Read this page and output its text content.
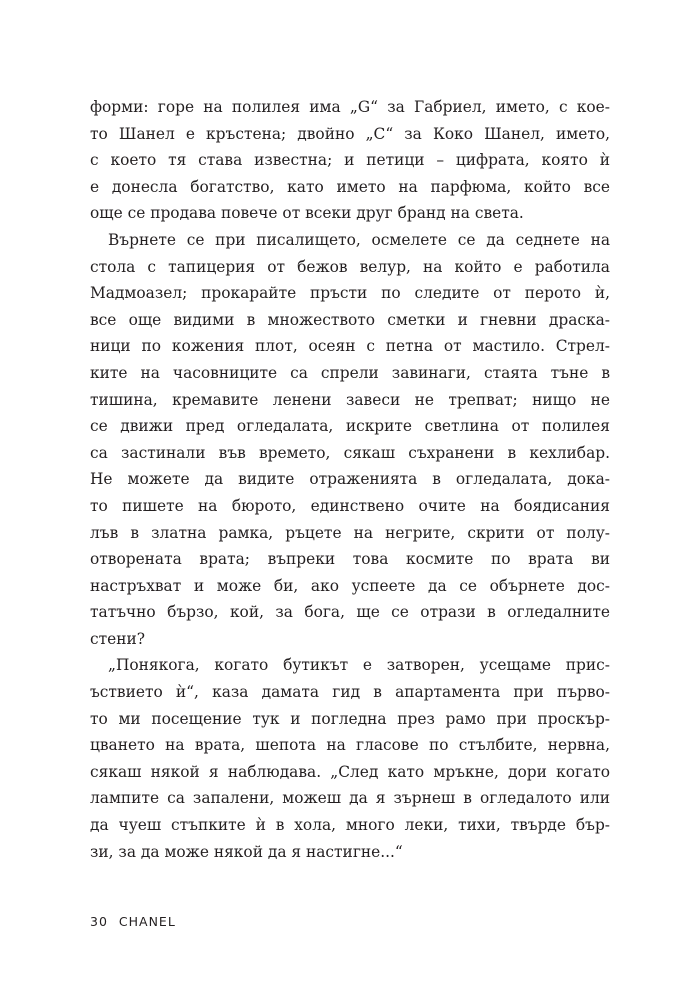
форми: горе на полилея има „G“ за Габриел, името, с кое-
то Шанел е кръстена; двойно „С“ за Коко Шанел, името,
с което тя става известна; и петици – цифрата, която ѝ
е донесла богатство, като името на парфюма, който все
още се продава повече от всеки друг бранд на света.
Върнете се при писалището, осмелете се да седнете на
стола с тапицерия от бежов велур, на който е работила
Мадмоазел; прокарайте пръсти по следите от перото ѝ,
все още видими в множеството сметки и гневни драска-
ници по кожения плот, осеян с петна от мастило. Стрел-
ките на часовниците са спрели завинаги, стаята тъне в
тишина, кремавите ленени завеси не трепват; нищо не
се движи пред огледалата, искрите светлина от полилея
са застинали във времето, сякаш съхранени в кехлибар.
Не можете да видите отраженията в огледалата, дока-
то пишете на бюрото, единствено очите на боядисания
лъв в златна рамка, ръцете на негрите, скрити от полу-
отворената врата; въпреки това космите по врата ви
настръхват и може би, ако успеете да се обърнете дос-
татъчно бързо, кой, за бога, ще се отрази в огледалните
стени?
„Понякога, когато бутикът е затворен, усещаме прис-
ъствието ѝ“, каза дамата гид в апартамента при първо-
то ми посещение тук и погледна през рамо при проскър-
цването на врата, шепота на гласове по стълбите, нервна,
сякаш някой я наблюдава. „След като мръкне, дори когато
лампите са запалени, можеш да я зърнеш в огледалото или
да чуеш стъпките ѝ в хола, много леки, тихи, твърде бър-
зи, за да може някой да я настигне...“
30 CHANEL
